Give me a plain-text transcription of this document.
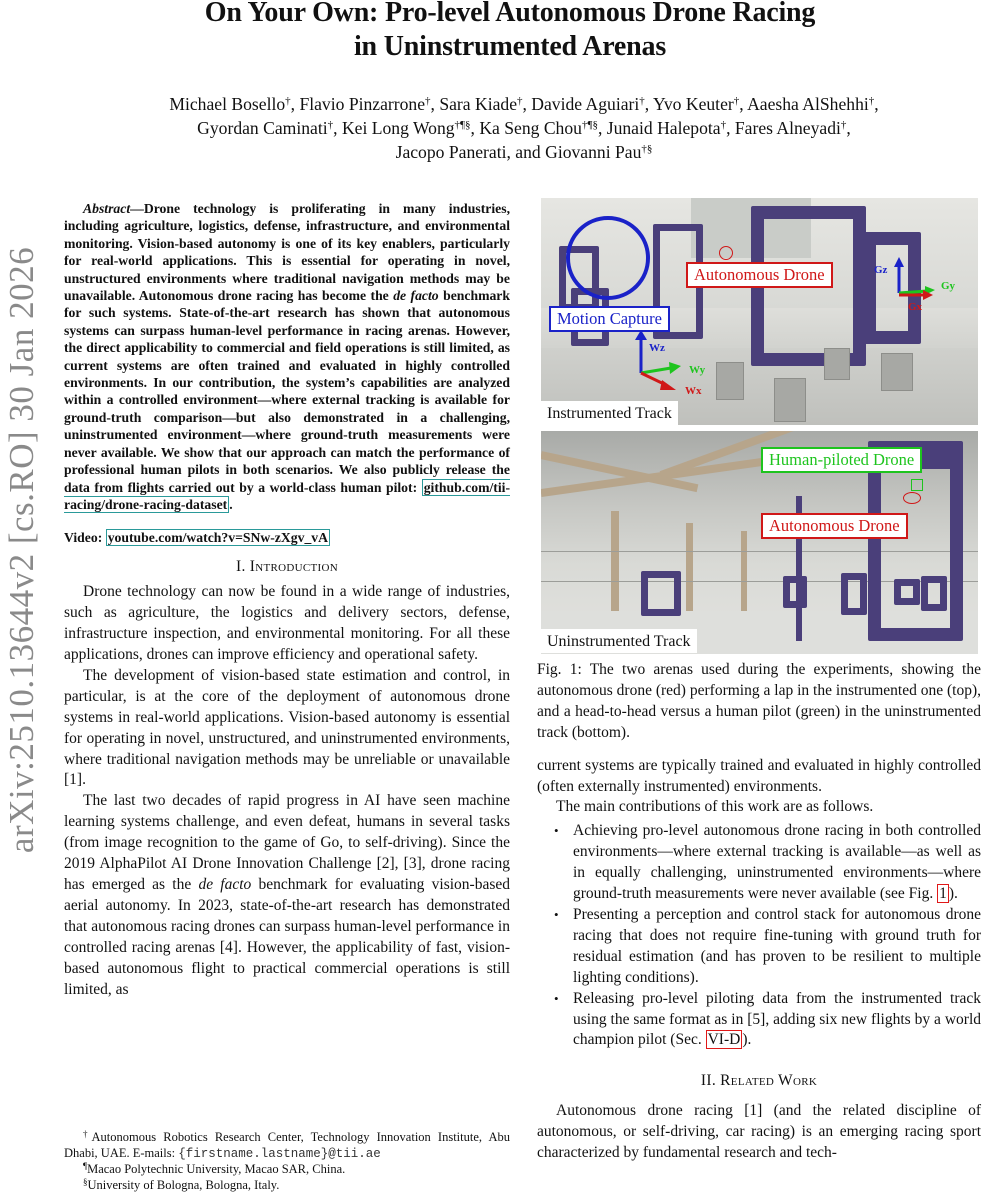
arXiv:2510.13644v2 [cs.RO] 30 Jan 2026
On Your Own: Pro-level Autonomous Drone Racing
in Uninstrumented Arenas
Michael Bosello†, Flavio Pinzarrone†, Sara Kiade†, Davide Aguiari†, Yvo Keuter†, Aaesha AlShehhi†,
Gyordan Caminati†, Kei Long Wong†¶§, Ka Seng Chou†¶§, Junaid Halepota†, Fares Alneyadi†,
Jacopo Panerati, and Giovanni Pau†§
Abstract—Drone technology is proliferating in many industries, including agriculture, logistics, defense, infrastructure, and environmental monitoring. Vision-based autonomy is one of its key enablers, particularly for real-world applications. This is essential for operating in novel, unstructured environments where traditional navigation methods may be unavailable. Autonomous drone racing has become the de facto benchmark for such systems. State-of-the-art research has shown that autonomous systems can surpass human-level performance in racing arenas. However, the direct applicability to commercial and field operations is still limited, as current systems are often trained and evaluated in highly controlled environments. In our contribution, the system’s capabilities are analyzed within a controlled environment—where external tracking is available for ground-truth comparison—but also demonstrated in a challenging, uninstrumented environment—where ground-truth measurements were never available. We show that our approach can match the performance of professional human pilots in both scenarios. We also publicly release the data from flights carried out by a world-class human pilot: github.com/tii-racing/drone-racing-dataset .
Video: youtube.com/watch?v=SNw-zXgv_vA
I. Introduction

Drone technology can now be found in a wide range of industries, such as agriculture, the logistics and delivery sectors, defense, infrastructure inspection, and environmental monitoring. For all these applications, drones can improve efficiency and operational safety.

The development of vision-based state estimation and control, in particular, is at the core of the deployment of autonomous drone systems in real-world applications. Vision-based autonomy is essential for operating in novel, unstructured, and uninstrumented environments, where traditional navigation methods may be unreliable or unavailable [1].

The last two decades of rapid progress in AI have seen machine learning systems challenge, and even defeat, humans in several tasks (from image recognition to the game of Go, to self-driving). Since the 2019 AlphaPilot AI Drone Innovation Challenge [2], [3], drone racing has emerged as the de facto benchmark for evaluating vision-based aerial autonomy. In 2023, state-of-the-art research has demonstrated that autonomous racing drones can surpass human-level performance in controlled racing arenas [4]. However, the applicability of fast, vision-based autonomous flight to practical commercial operations is still limited, as

†Autonomous Robotics Research Center, Technology Innovation Institute, Abu Dhabi, UAE. E-mails: {firstname.lastname}@tii.ae

¶Macao Polytechnic University, Macao SAR, China.

§University of Bologna, Bologna, Italy.

Motion Capture
Autonomous Drone
Wz
Wy
Wx
Gz
Gy
Gx
Instrumented Track
Human-piloted Drone
Autonomous Drone
Uninstrumented Track
Fig. 1: The two arenas used during the experiments, showing the autonomous drone (red) performing a lap in the instrumented one (top), and a head-to-head versus a human pilot (green) in the uninstrumented track (bottom).

current systems are typically trained and evaluated in highly controlled (often externally instrumented) environments.

The main contributions of this work are as follows.

• Achieving pro-level autonomous drone racing in both controlled environments—where external tracking is available—as well as in equally challenging, uninstrumented environments—where ground-truth measurements were never available (see Fig. 1 ).
• Presenting a perception and control stack for autonomous drone racing that does not require fine-tuning with ground truth for residual estimation (and has proven to be resilient to multiple lighting conditions).
• Releasing pro-level piloting data from the instrumented track using the same format as in [5], adding six new flights by a world champion pilot (Sec. VI-D ).
II. Related Work

Autonomous drone racing [1] (and the related discipline of autonomous, or self-driving, car racing) is an emerging racing sport characterized by fundamental research and tech-
